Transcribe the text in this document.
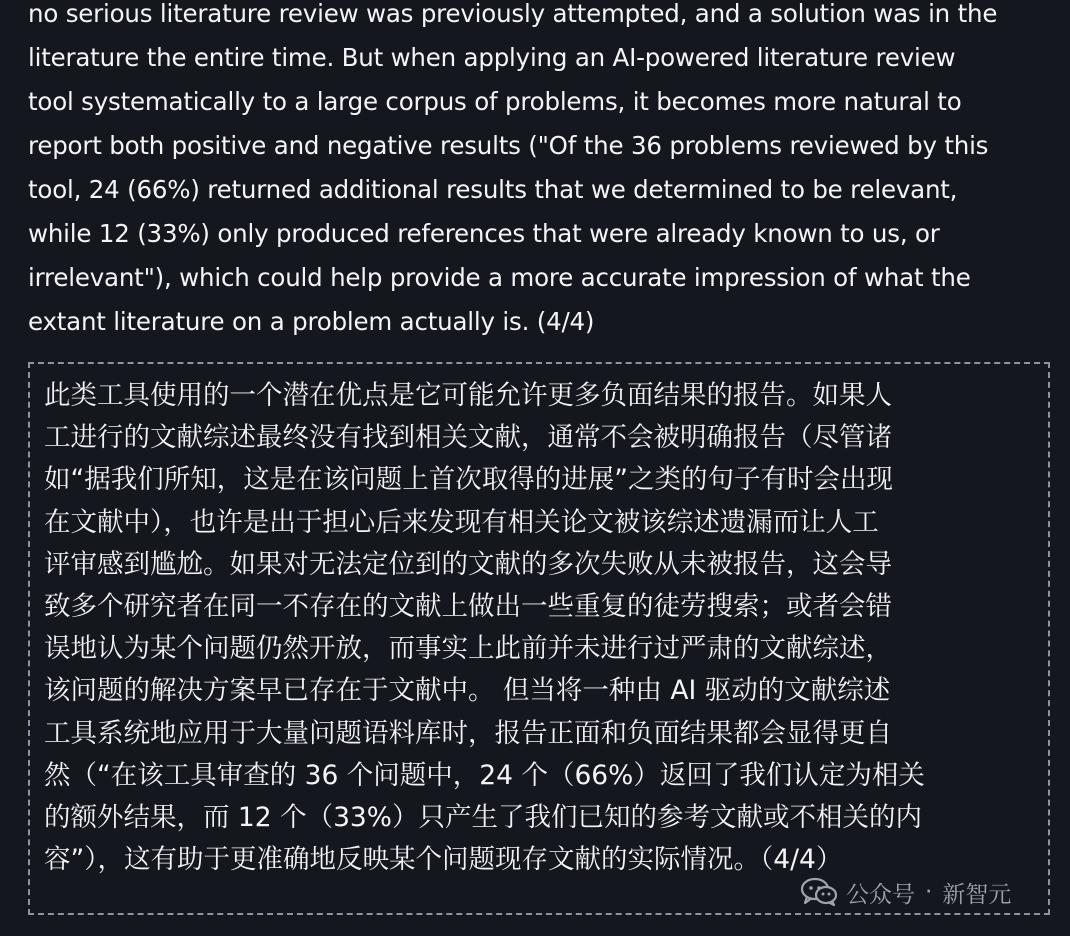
no serious literature review was previously attempted, and a solution was in the
literature the entire time. But when applying an AI-powered literature review
tool systematically to a large corpus of problems, it becomes more natural to
report both positive and negative results ("Of the 36 problems reviewed by this
tool, 24 (66%) returned additional results that we determined to be relevant,
while 12 (33%) only produced references that were already known to us, or
irrelevant"), which could help provide a more accurate impression of what the
extant literature on a problem actually is. (4/4)
此类工具使用的一个潜在优点是它可能允许更多负面结果的报告。如果人
工进行的文献综述最终没有找到相关文献，通常不会被明确报告（尽管诸
如“据我们所知，这是在该问题上首次取得的进展”之类的句子有时会出现
在文献中），也许是出于担心后来发现有相关论文被该综述遗漏而让人工
评审感到尴尬。如果对无法定位到的文献的多次失败从未被报告，这会导
致多个研究者在同一不存在的文献上做出一些重复的徒劳搜索；或者会错
误地认为某个问题仍然开放，而事实上此前并未进行过严肃的文献综述，
该问题的解决方案早已存在于文献中。 但当将一种由 AI 驱动的文献综述
工具系统地应用于大量问题语料库时，报告正面和负面结果都会显得更自
然（“在该工具审查的 36 个问题中，24 个（66%）返回了我们认定为相关
的额外结果，而 12 个（33%）只产生了我们已知的参考文献或不相关的内
容”），这有助于更准确地反映某个问题现存文献的实际情况。（4/4）
公众号 · 新智元
